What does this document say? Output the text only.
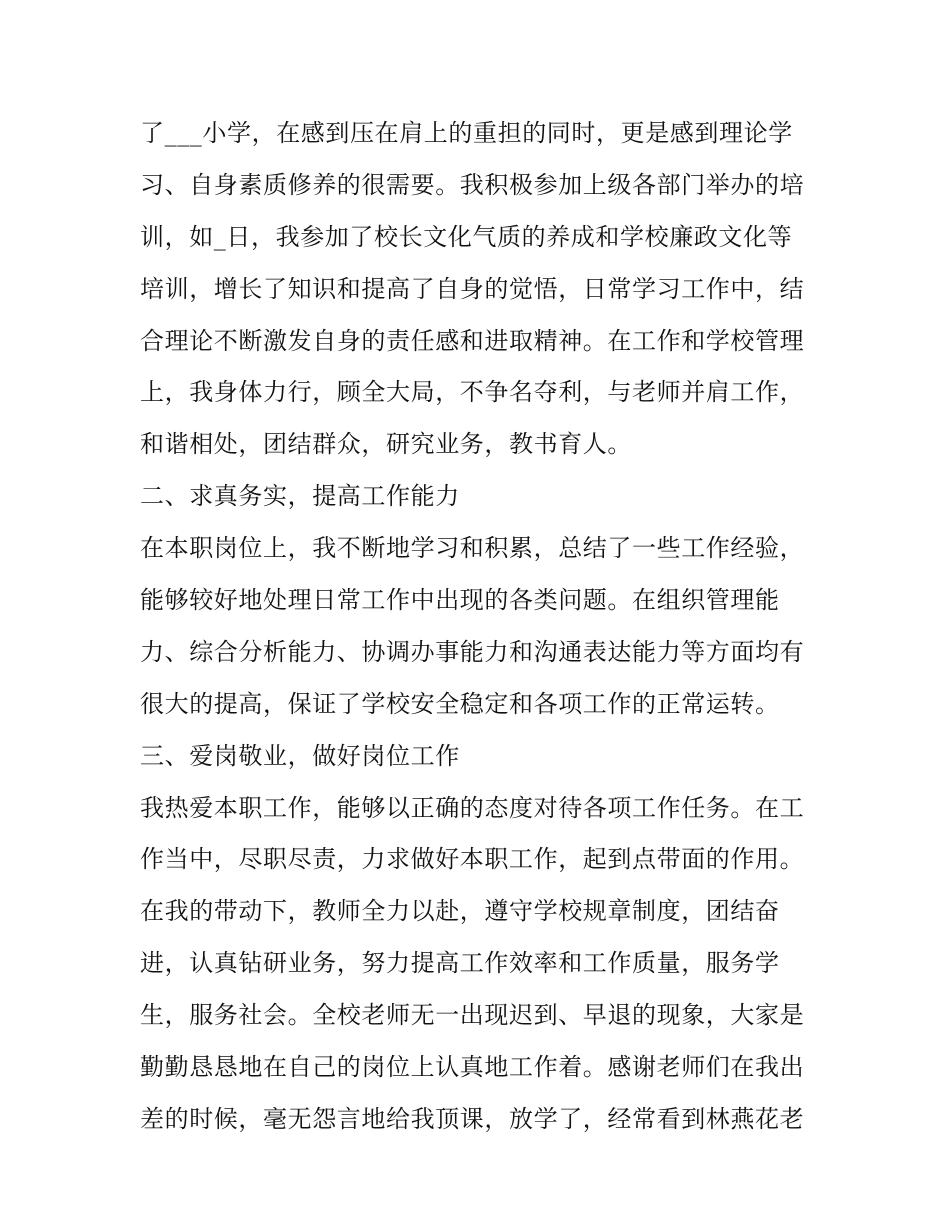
了___小学，在感到压在肩上的重担的同时，更是感到理论学
习、自身素质修养的很需要。我积极参加上级各部门举办的培
训，如_日，我参加了校长文化气质的养成和学校廉政文化等
培训，增长了知识和提高了自身的觉悟，日常学习工作中，结
合理论不断激发自身的责任感和进取精神。在工作和学校管理
上，我身体力行，顾全大局，不争名夺利，与老师并肩工作，
和谐相处，团结群众，研究业务，教书育人。
二、求真务实，提高工作能力
在本职岗位上，我不断地学习和积累，总结了一些工作经验，
能够较好地处理日常工作中出现的各类问题。在组织管理能
力、综合分析能力、协调办事能力和沟通表达能力等方面均有
很大的提高，保证了学校安全稳定和各项工作的正常运转。
三、爱岗敬业，做好岗位工作
我热爱本职工作，能够以正确的态度对待各项工作任务。在工
作当中，尽职尽责，力求做好本职工作，起到点带面的作用。
在我的带动下，教师全力以赴，遵守学校规章制度，团结奋
进，认真钻研业务，努力提高工作效率和工作质量，服务学
生，服务社会。全校老师无一出现迟到、早退的现象，大家是
勤勤恳恳地在自己的岗位上认真地工作着。感谢老师们在我出
差的时候，毫无怨言地给我顶课，放学了，经常看到林燕花老
